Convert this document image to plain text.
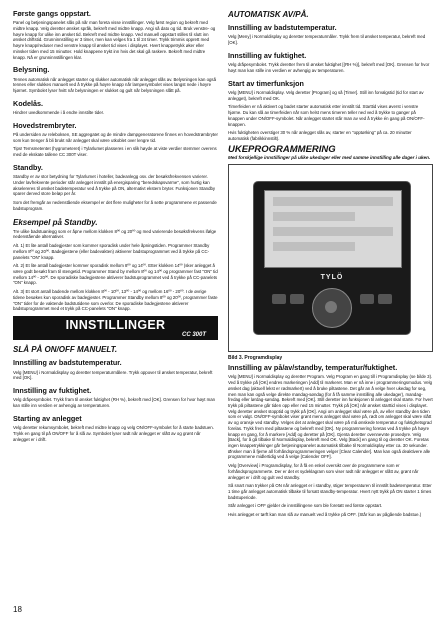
Første gangs oppstart.

Panel og betjeningspanelet slås på når man foreta visse innstillinger. Velg først region og bekreft med midtre knapp. Velg deretter ønsket språk, bekreft med midtre knapp. Angi så dato og tid. Bruk venstre- og høyre knapp for ulike inn ønsket tid. Bekreft med midtre knapp. Ved manuell oppstart stilles til slutt inn ønsket driftstid. Grunninnstilling er 3 timer, men kan velges fra 1 til 24 timer. Trykk trimmis opprett med høyre knapp/reduser med venstre knapp til ønsket tid vises i displayet. Hvert knappetrykk øker eller minsker tiden med 15 minutter. Hold knappene trykt inn hvis det skal gå raskere. Bekreft med midtre knapp. Nå er grunninnstillingen klar.

Belysning.

Tennes automatisk når anlegget starter og slukker automatisk når anlegget slås av. Belysningen kan også tennes eller slukkes manuelt ved å trykke på høyre knapp når lampesymbolet vises langst nede i høyre hjørnet. Symbolet lyser hvitt når belysningen er slukket og gult når belysningen slått på.

Kodelås.

Hindrer uvedkommende i å endre innstilte tider.

Hovedstrembryter.

På undersiden av releboksen, SE aggregatet og de mindre dampgeneratorene finnes en hovedstrømbryter som kun trenger å bli brukt når anlegget skal være utkoblet over lengre tid.

Tips! Temsmetentet (hygrometeret) i Tylarlumet plasseres i en slik høyde at viste verdier stemmer overens med de ekskate tallene CC 300T viser.

Standby.

Standby er av stor betydning for Tylarlumet i hoteller, badeanlegg osv. der besøksfrekvensen varierer. Under lavfrekvente perioder står anlegget innstilt på energisparing "beredskapsvarme", som hurtig kan akselereres til ønsket badetemperatur ved å trykke på ON, alternativt ekstern bryter. Funksjonen Standby sparer derved store beløp per år.

Som det fremgår av nedenstående eksempel er det flere muligheter for å sette programmene et passende badstuprogram.

Eksempel på Standby.

Tre ulike badstuanlegg som er åpne mellom klokken 8ºº og 20ºº og med varierende besøksfrekvens ifølge nedenstående alternativer.

Alt. 1) Et lite antall badegjester som kommer sporadisk under hele åpningstiden. Programmer Standby mellom 8ºº og 20ºº. Badegjestene (eller badevakten) aktiverer badstuprogrammet ved å trykke på CC-panelets "ON" knapp.

Alt. 2) Et lite antall badegjester kommer sporadisk mellom 8ºº og 14ºº. Etter klokken 14ºº (sker anlegget å være godt besøkt fram til stengetid. Programmer Stand by mellom 8ºº og 14ºº og programmer fast "ON" tid mellom 14ºº - 20ºº. De sporadiske badegjestene aktiverer badstuprogrammet ved å trykke på CC-panelets "ON" knapp.

Alt. 3) Et stort antall badende mellom klokken 8ºº - 10ºº, 13ºº - 14ºº og mellom 16ºº - 20ºº. I de øvrige tidene besøkes kun sporadisk av badegjester. Programmer Standby mellom 8ºº og 20ºº, programmer faste "ON" tider for de vaktende badstutidene som overlor. De sporadiske badegjestene aktiverer badstuprogrammet med et trykk på CC-panelets "ON" knapp.

INNSTILLINGER
CC 300T
SLÅ PÅ ON/OFF MANUELT.
Innstilling av badstutemperatur.

Velg [MENU] i Normaldisplay og deretter temperaturmålere. Trykk oppover til ønsket temperatur, bekreft med [OK].

Innstilling av fuktighet.

Velg dråpesymbolet. Trykk fram til ønsket fuktighet (RH %), bekreft med [OK]. Grensen for hvor høyt man kan stille inn verdien er avhengig av temperaturen.

Starting av anlegget

Velg deretter rekumsymbolet, bekreft med midtre knapp og velg ON/OFF-symbolet for å starte badstuen. Trykk en gang til på ON/OFF for å slå av. Symbolet lyser rødt når anlegget er slått av og grønt når anlegget er i drift.

AUTOMATISK AV/PÅ.
Innstilling av badstutemperatur.

Velg [Meny] i Normaldisplay og deretter temperaturmåler. Trykk frem til ønsket temperatur, bekreft med [OK].

Innstilling av fuktighet.

Velg dråpesymbolet. Trykk deretter frem til ønsket fuktighet [(RH %)], bekreft med [OK]. Grensen for hvor høyt man kan stille inn verdien er avhengig av temperaturen.

Start av timerfunksjon

Velg [MENU] i Normaldisplay. Velg deretter [Program] og så [Timer]. Still inn forvalgstid (tid for start av anlegget), bekreft med OK.

Timerfeiden er nå aktivert og badet starter automatisk etter innstilt tid. Starttid vises øverst i venstre hjørne. Du kan slå av timerfeiden når som helst mens timeren teller ned ved å trykke to ganger på knappen under ON/OFF-symbolet. Når anlegget startet står man av ved å trykke én gang på ON/OFF-knappen.

Hvis fuktigheten overstiger 30 % når anlegget slås av, starter en "opptørking" på ca. 20 minutter automatisk (fabrikkinnstilt).

UKEPROGRAMMERING
Med forskjellige innstillinger på ulike ukedager eller med samme innstilling alle dager i uken.
TYLÖ
Bild 3. Programdisplay
Innstilling av på/av/standby, temperatur/fuktighet.

Velg [MENU] i Normaldisplay og deretter Program. Velg Program en gang till i Programdisplay (se bilde 3). Ved å trykke på [OK] endres markeringen [Add] til markeret. Man er nå inne i programmeringsmodus. Velg ønsket dag (aktuell lekst er rødmarkert) ved å bruke piltastene. Det går an å velge hver ukedag for seg, men man kan også velge direkte mandag-søndag (for å få samme innstilling alle ukedager), mandag-fredag eller lørdag-søndag. Bekreft med [OK]. Still deretter inn funksjonen til anlegget skal starte. For hvert trykk på piltastene går tiden opp eller ned 15 minutter. Trykk på [OK] når ønsket starttid vises i displayet. Velg deretter ønsket stopptid og trykk på [OK]. Angi om anlegget skal være på, av eller standby den tiden som er valgt. ON/OFF-symbolet viser grønt mens anlegget skal være på, rødt om anlegget skal være slått av og oransje ved standby. Velges det at anlegget skal være på må ønskede temperatur og fuktighetsgrad forelas. Trykk frem med piltastene og bekreft med [OK]. Ny programmering foretas ved å trykke på høyre knapp en gang, for å markere [Add] og deretter på [OK]. Gjenta deretter ovennevnte prosedyre. Velg [Back], for å gå tilbake til Normaldisplay, bekreft med OK. Velg [Back] en gang til og deretter OK. Foretas ingen knappetrykkinger går betjeningspanelet automatisk tilbake til Normaldisplay etter ca. 30 sekunder. Ønsker man å fjerne all forhåndsprogrammeringen velger [Clear Calender]. Man kan også deaktivere alle programmene midlertidig ved å velge [Calender OFF].

Velg [Overview] i Programdisplay, for å få en enkel oversikt over de programmene som er forhåndsprogrammerte. Der er det et sydeklagram som viser rødt når anlegget er slått av, grønt når anlegget er i drift og gult ved standby.

Så snart man trykker på ON når anlegget er i standby, stiger temperaturen til innstilt badetemperatur. Etter 1 time går anlegget automatisk tilbake til forsatt standby-temperatur. Hvert nytt trykk på ON starter 1 times badstuperiode.

Står anlegget i OFF gjelder de innstillingene som ble foretatt ved første oppstart.

Hvis anlegget er tørft kan man slå av manuelt ved å trykke på OFF. (Står kun av pågående badstue.)

18
